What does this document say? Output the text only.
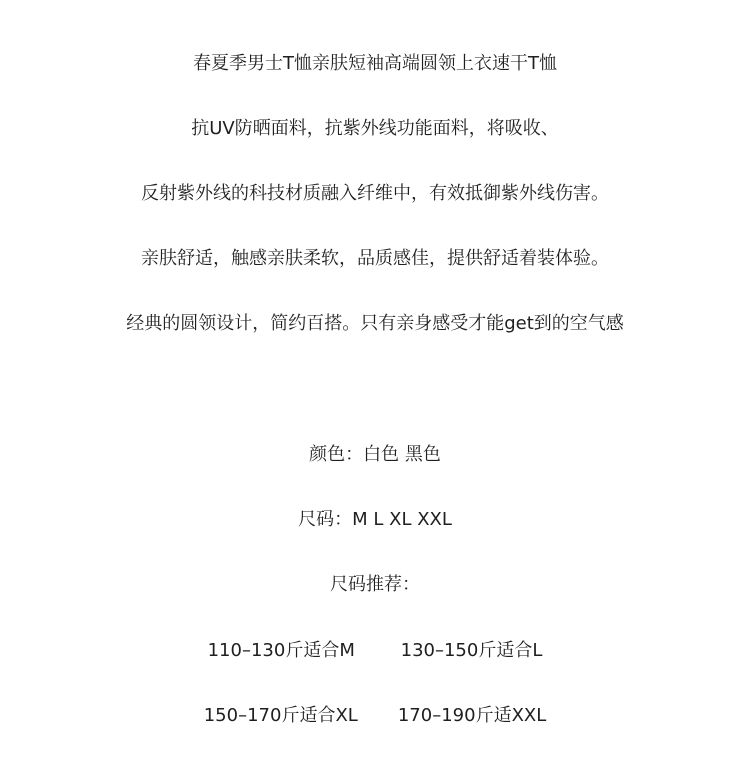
春夏季男士T恤亲肤短袖高端圆领上衣速干T恤
抗UV防晒面料，抗紫外线功能面料，将吸收、
反射紫外线的科技材质融入纤维中，有效抵御紫外线伤害。
亲肤舒适，触感亲肤柔软，品质感佳，提供舒适着装体验。
经典的圆领设计，简约百搭。只有亲身感受才能get到的空气感
颜色：白色 黑色
尺码：M L XL XXL
尺码推荐：
110–130斤适合M        130–150斤适合L
150–170斤适合XL       170–190斤适XXL
